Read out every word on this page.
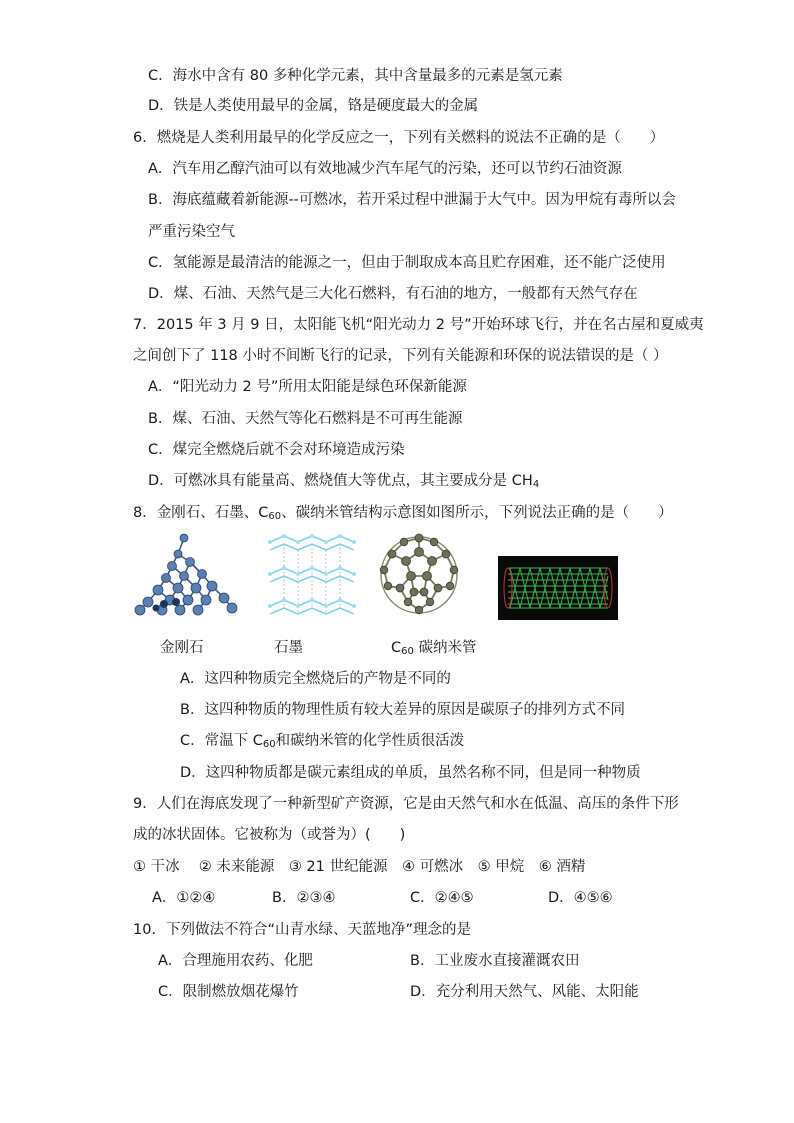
C．海水中含有 80 多种化学元素，其中含量最多的元素是氢元素
D．铁是人类使用最早的金属，铬是硬度最大的金属
6．燃烧是人类利用最早的化学反应之一，下列有关燃料的说法不正确的是（　　）
A．汽车用乙醇汽油可以有效地减少汽车尾气的污染，还可以节约石油资源
B．海底蕴藏着新能源--可燃冰，若开采过程中泄漏于大气中。因为甲烷有毒所以会
严重污染空气
C．氢能源是最清洁的能源之一，但由于制取成本高且贮存困难，还不能广泛使用
D．煤、石油、天然气是三大化石燃料，有石油的地方，一般都有天然气存在
7．2015 年 3 月 9 日，太阳能飞机“阳光动力 2 号”开始环球飞行，并在名古屋和夏威夷
之间创下了 118 小时不间断飞行的记录，下列有关能源和环保的说法错误的是（ ）
A．“阳光动力 2 号”所用太阳能是绿色环保新能源
B．煤、石油、天然气等化石燃料是不可再生能源
C．煤完全燃烧后就不会对环境造成污染
D．可燃冰具有能量高、燃烧值大等优点，其主要成分是 $CH_4$
8．金刚石、石墨、$C_{60}$、碳纳米管结构示意图如图所示，下列说法正确的是（　　）
金刚石	石墨	$C_{60}$ 碳纳米管
A．这四种物质完全燃烧后的产物是不同的
B．这四种物质的物理性质有较大差异的原因是碳原子的排列方式不同
C．常温下 $C_{60}$和碳纳米管的化学性质很活泼
D．这四种物质都是碳元素组成的单质，虽然名称不同，但是同一种物质
9．人们在海底发现了一种新型矿产资源，它是由天然气和水在低温、高压的条件下形
成的冰状固体。它被称为（或誉为）(　　)
① 干冰　 ② 未来能源　③ 21 世纪能源　④ 可燃冰　⑤ 甲烷　⑥ 酒精
A．①②④	B．②③④	C．②④⑤	D．④⑤⑥
10．下列做法不符合“山青水绿、天蓝地净”理念的是
A．合理施用农药、化肥	B．工业废水直接灌溉农田
C．限制燃放烟花爆竹	D．充分利用天然气、风能、太阳能
